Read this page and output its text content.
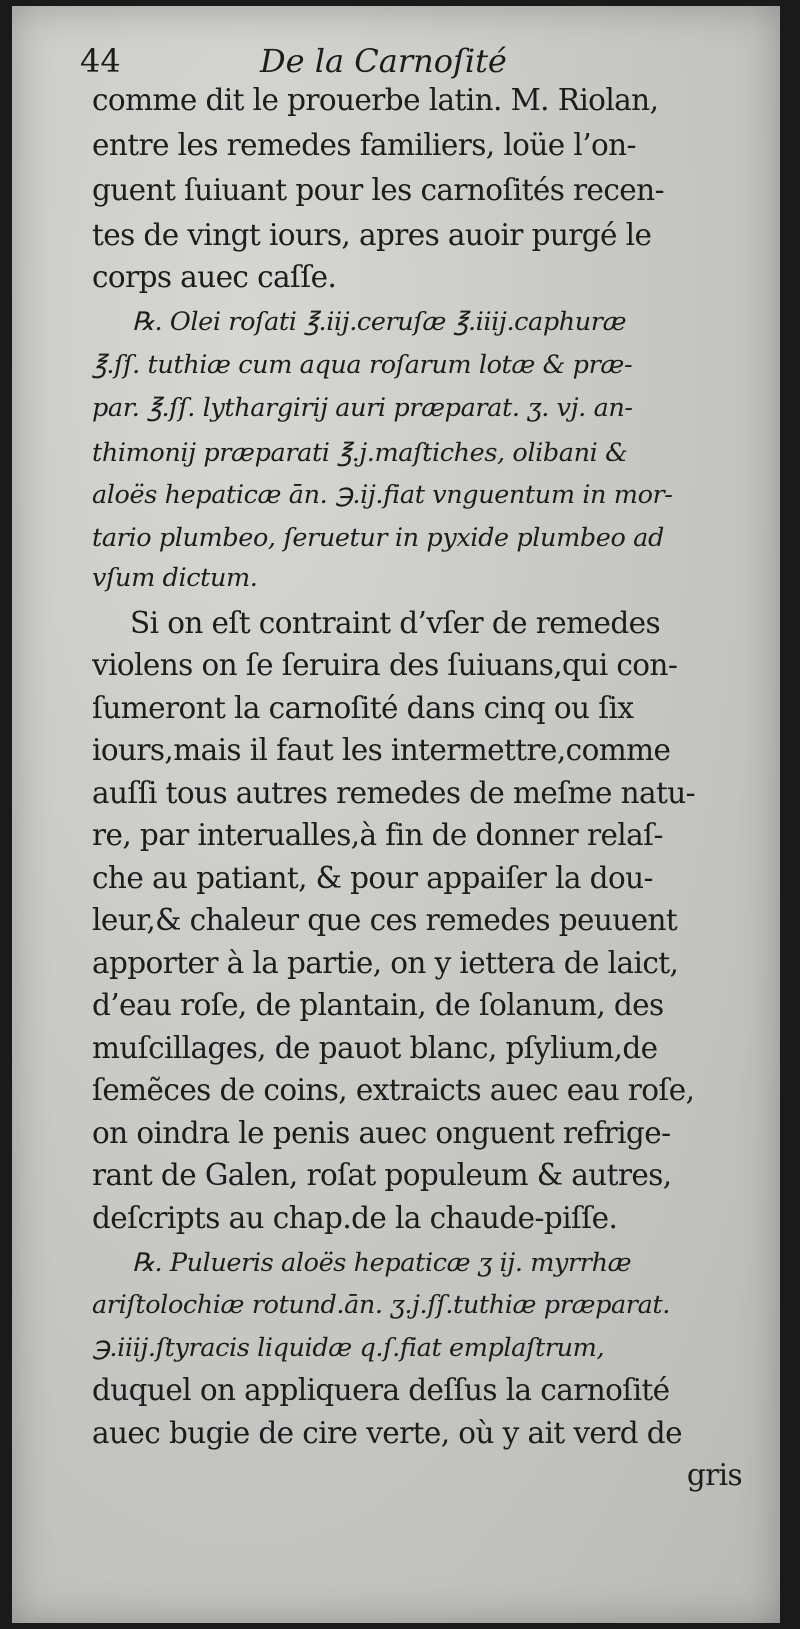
44	De la Carnoſité
comme dit le prouerbe latin. M. Riolan,
entre les remedes familiers, loüe l’on-
guent ſuiuant pour les carnoſités recen-
tes de vingt iours, apres auoir purgé le
corps auec caſſe.
℞. Olei roſati ℥.iij.ceruſæ ℥.iiij.caphuræ
℥.ſſ. tuthiæ cum aqua roſarum lotæ & præ-
par. ℥.ſſ. lythargirij auri præparat. ʒ. vj. an-
thimonij præparati ℥.j.maſtiches, olibani &
aloës hepaticæ ān. ℈.ij.fiat vnguentum in mor-
tario plumbeo, ſeruetur in pyxide plumbeo ad
vſum dictum.
Si on eſt contraint d’vſer de remedes
violens on ſe ſeruira des ſuiuans,qui con-
ſumeront la carnoſité dans cinq ou ſix
iours,mais il faut les intermettre,comme
auſſi tous autres remedes de meſme natu-
re, par interualles,à fin de donner relaſ-
che au patiant, & pour appaiſer la dou-
leur,& chaleur que ces remedes peuuent
apporter à la partie, on y iettera de laict,
d’eau roſe, de plantain, de ſolanum, des
muſcillages, de pauot blanc, pſylium,de
ſemẽces de coins, extraicts auec eau roſe,
on oindra le penis auec onguent refrige-
rant de Galen, roſat populeum & autres,
deſcripts au chap.de la chaude-piſſe.
℞. Pulueris aloës hepaticæ ʒ ij. myrrhæ
ariſtolochiæ rotund.ān. ʒ.j.ſſ.tuthiæ præparat.
℈.iiij.ſtyracis liquidæ q.ſ.fiat emplaſtrum,
duquel on appliquera deſſus la carnoſité
auec bugie de cire verte, où y ait verd de
gris
